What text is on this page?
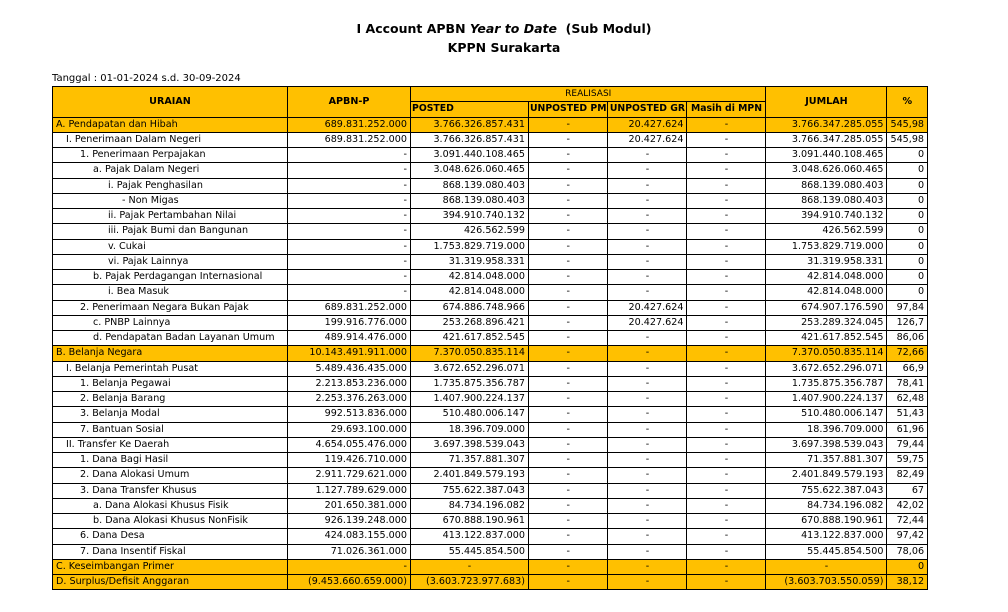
I Account APBN Year to Date  (Sub Modul)
KPPN Surakarta
Tanggal : 01-01-2024 s.d. 30-09-2024
URAIAN	APBN-P	REALISASI				JUMLAH	%
		POSTED	UNPOSTED PM	UNPOSTED GR	Masih di MPN		
A. Pendapatan dan Hibah	689.831.252.000	3.766.326.857.431	-	20.427.624	-	3.766.347.285.055	545,98
I. Penerimaan Dalam Negeri	689.831.252.000	3.766.326.857.431	-	20.427.624	-	3.766.347.285.055	545,98
1. Penerimaan Perpajakan	-	3.091.440.108.465	-	-	-	3.091.440.108.465	0
a. Pajak Dalam Negeri	-	3.048.626.060.465	-	-	-	3.048.626.060.465	0
i. Pajak Penghasilan	-	868.139.080.403	-	-	-	868.139.080.403	0
- Non Migas	-	868.139.080.403	-	-	-	868.139.080.403	0
ii. Pajak Pertambahan Nilai	-	394.910.740.132	-	-	-	394.910.740.132	0
iii. Pajak Bumi dan Bangunan	-	426.562.599	-	-	-	426.562.599	0
v. Cukai	-	1.753.829.719.000	-	-	-	1.753.829.719.000	0
vi. Pajak Lainnya	-	31.319.958.331	-	-	-	31.319.958.331	0
b. Pajak Perdagangan Internasional	-	42.814.048.000	-	-	-	42.814.048.000	0
i. Bea Masuk	-	42.814.048.000	-	-	-	42.814.048.000	0
2. Penerimaan Negara Bukan Pajak	689.831.252.000	674.886.748.966	-	20.427.624	-	674.907.176.590	97,84
c. PNBP Lainnya	199.916.776.000	253.268.896.421	-	20.427.624	-	253.289.324.045	126,7
d. Pendapatan Badan Layanan Umum	489.914.476.000	421.617.852.545	-	-	-	421.617.852.545	86,06
B. Belanja Negara	10.143.491.911.000	7.370.050.835.114	-	-	-	7.370.050.835.114	72,66
I. Belanja Pemerintah Pusat	5.489.436.435.000	3.672.652.296.071	-	-	-	3.672.652.296.071	66,9
1. Belanja Pegawai	2.213.853.236.000	1.735.875.356.787	-	-	-	1.735.875.356.787	78,41
2. Belanja Barang	2.253.376.263.000	1.407.900.224.137	-	-	-	1.407.900.224.137	62,48
3. Belanja Modal	992.513.836.000	510.480.006.147	-	-	-	510.480.006.147	51,43
7. Bantuan Sosial	29.693.100.000	18.396.709.000	-	-	-	18.396.709.000	61,96
II. Transfer Ke Daerah	4.654.055.476.000	3.697.398.539.043	-	-	-	3.697.398.539.043	79,44
1. Dana Bagi Hasil	119.426.710.000	71.357.881.307	-	-	-	71.357.881.307	59,75
2. Dana Alokasi Umum	2.911.729.621.000	2.401.849.579.193	-	-	-	2.401.849.579.193	82,49
3. Dana Transfer Khusus	1.127.789.629.000	755.622.387.043	-	-	-	755.622.387.043	67
a. Dana Alokasi Khusus Fisik	201.650.381.000	84.734.196.082	-	-	-	84.734.196.082	42,02
b. Dana Alokasi Khusus NonFisik	926.139.248.000	670.888.190.961	-	-	-	670.888.190.961	72,44
6. Dana Desa	424.083.155.000	413.122.837.000	-	-	-	413.122.837.000	97,42
7. Dana Insentif Fiskal	71.026.361.000	55.445.854.500	-	-	-	55.445.854.500	78,06
C. Keseimbangan Primer	-	-	-	-	-	-	0
D. Surplus/Defisit Anggaran	(9.453.660.659.000)	(3.603.723.977.683)	-	-	-	(3.603.703.550.059)	38,12
